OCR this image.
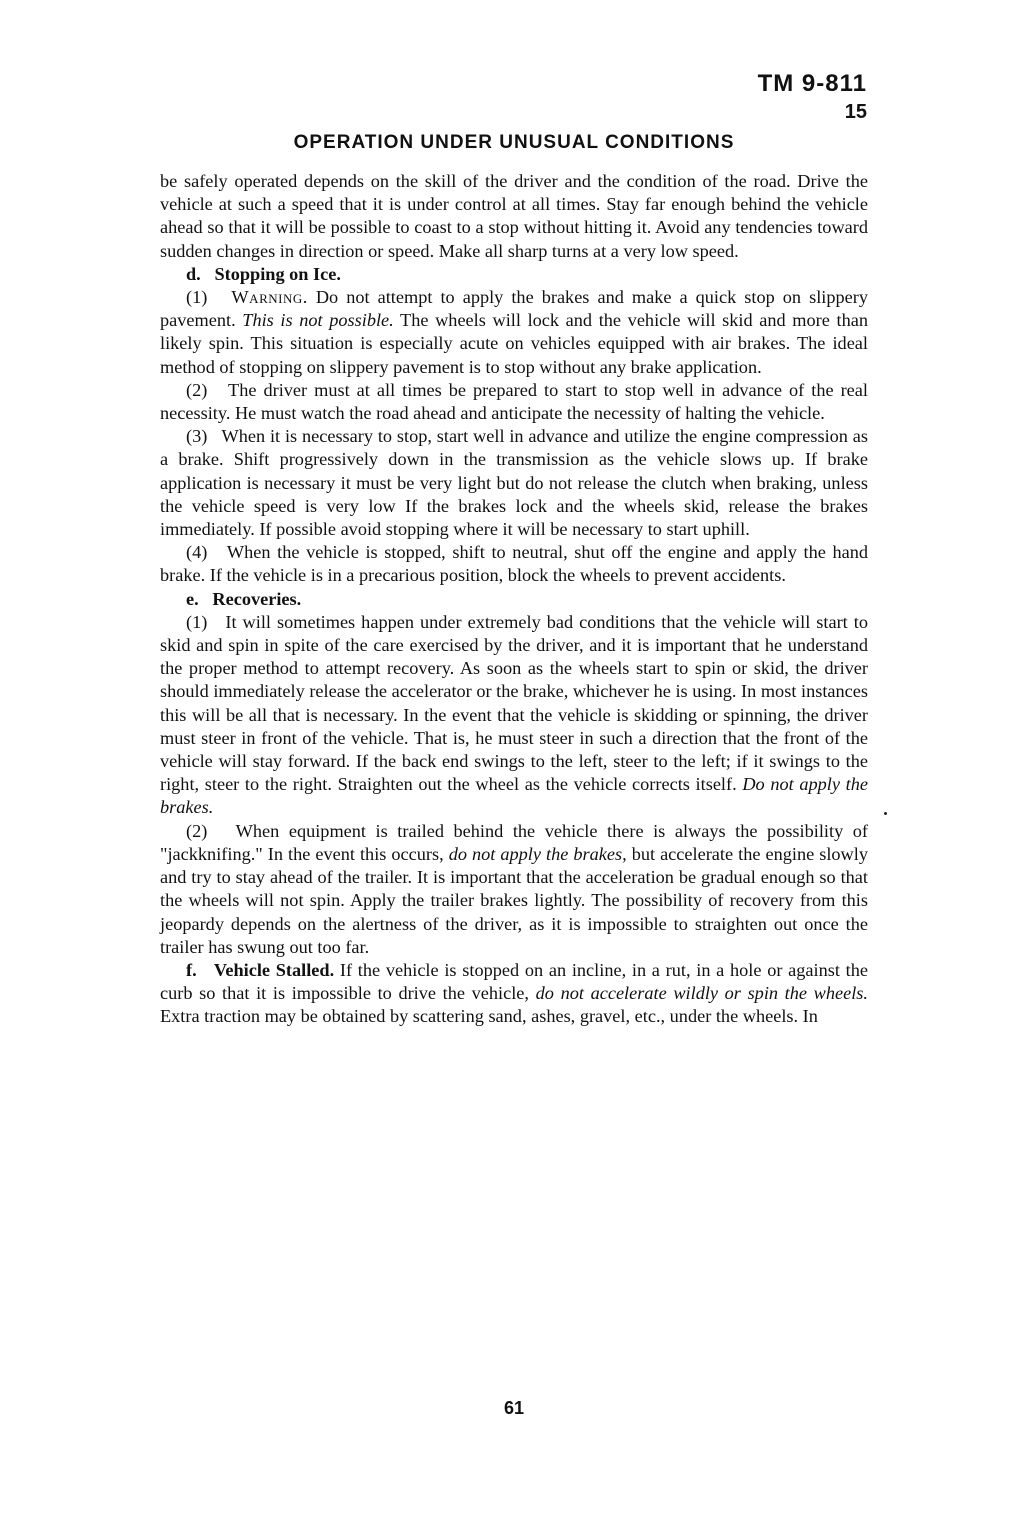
TM 9-811
15
OPERATION UNDER UNUSUAL CONDITIONS

be safely operated depends on the skill of the driver and the condition of the road. Drive the vehicle at such a speed that it is under control at all times. Stay far enough behind the vehicle ahead so that it will be possible to coast to a stop without hitting it. Avoid any tendencies toward sudden changes in direction or speed. Make all sharp turns at a very low speed.

d. Stopping on Ice.

(1) Warning. Do not attempt to apply the brakes and make a quick stop on slippery pavement. This is not possible. The wheels will lock and the vehicle will skid and more than likely spin. This situation is especially acute on vehicles equipped with air brakes. The ideal method of stopping on slippery pavement is to stop without any brake application.

(2) The driver must at all times be prepared to start to stop well in advance of the real necessity. He must watch the road ahead and anticipate the necessity of halting the vehicle.

(3) When it is necessary to stop, start well in advance and utilize the engine compression as a brake. Shift progressively down in the transmission as the vehicle slows up. If brake application is necessary it must be very light but do not release the clutch when braking, unless the vehicle speed is very low If the brakes lock and the wheels skid, release the brakes immediately. If possible avoid stopping where it will be necessary to start uphill.

(4) When the vehicle is stopped, shift to neutral, shut off the engine and apply the hand brake. If the vehicle is in a precarious position, block the wheels to prevent accidents.

e. Recoveries.

(1) It will sometimes happen under extremely bad conditions that the vehicle will start to skid and spin in spite of the care exercised by the driver, and it is important that he understand the proper method to attempt recovery. As soon as the wheels start to spin or skid, the driver should immediately release the accelerator or the brake, whichever he is using. In most instances this will be all that is necessary. In the event that the vehicle is skidding or spinning, the driver must steer in front of the vehicle. That is, he must steer in such a direction that the front of the vehicle will stay forward. If the back end swings to the left, steer to the left; if it swings to the right, steer to the right. Straighten out the wheel as the vehicle corrects itself. Do not apply the brakes.

(2) When equipment is trailed behind the vehicle there is always the possibility of "jackknifing." In the event this occurs, do not apply the brakes, but accelerate the engine slowly and try to stay ahead of the trailer. It is important that the acceleration be gradual enough so that the wheels will not spin. Apply the trailer brakes lightly. The possibility of recovery from this jeopardy depends on the alertness of the driver, as it is impossible to straighten out once the trailer has swung out too far.

f. Vehicle Stalled. If the vehicle is stopped on an incline, in a rut, in a hole or against the curb so that it is impossible to drive the vehicle, do not accelerate wildly or spin the wheels. Extra traction may be obtained by scattering sand, ashes, gravel, etc., under the wheels. In

61
